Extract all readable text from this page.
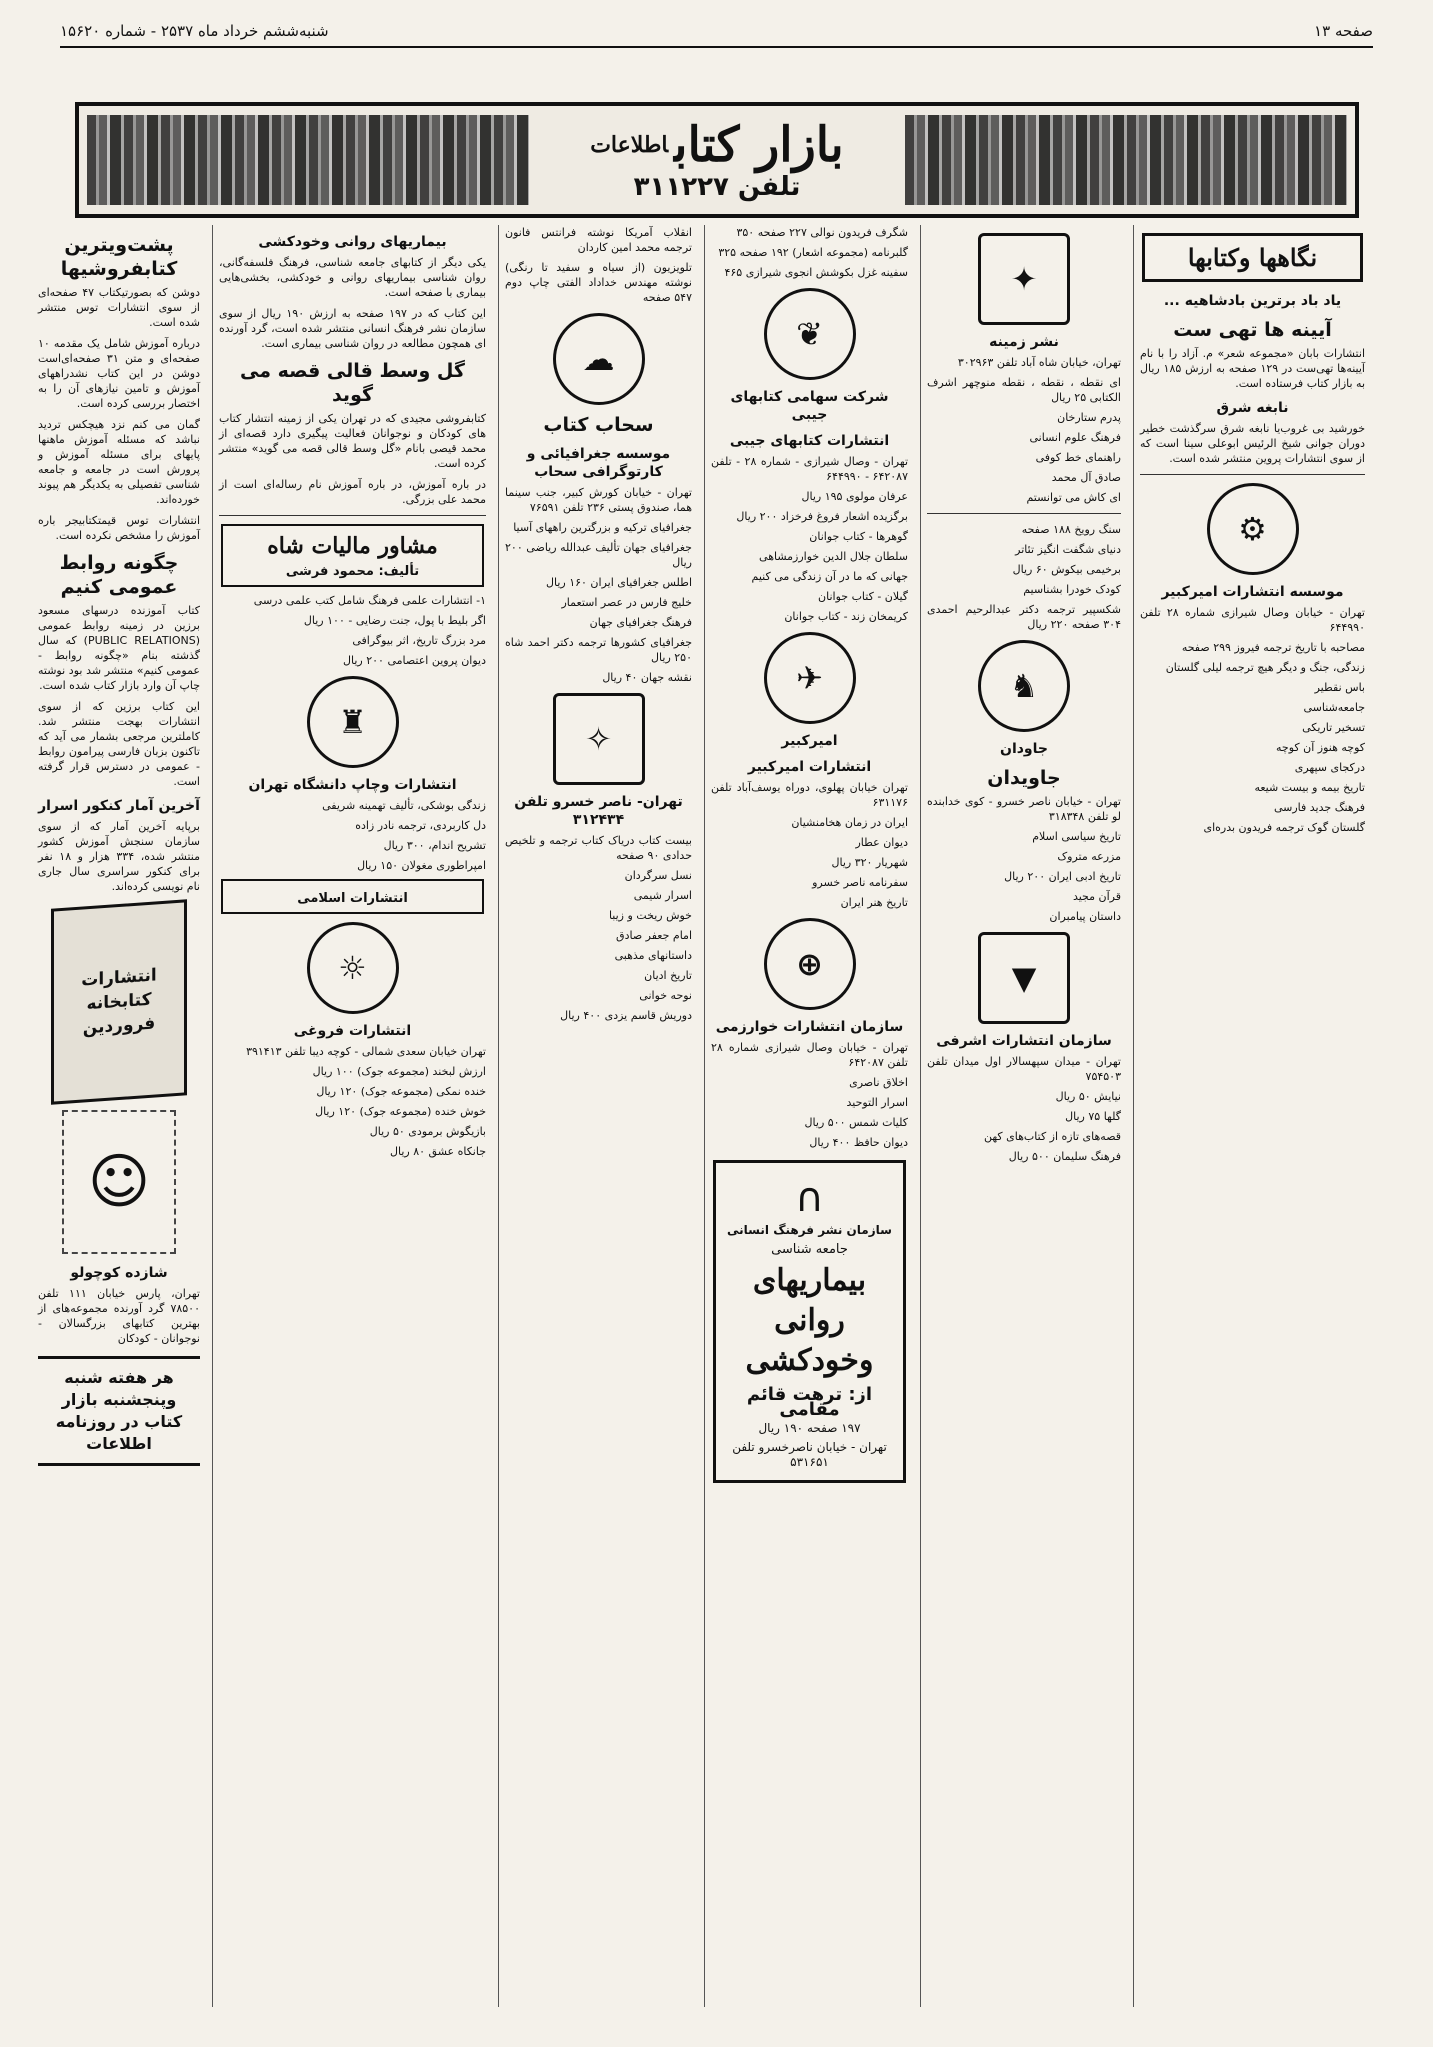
صفحه ۱۳
شنبه‌ششم خرداد ماه ۲۵۳۷ - شماره ۱۵۶۲۰
بازار کتاب$^{اطلاعات}$
تلفن ۳۱۱۲۲۷
نگاهها وکتابها
یاد باد برترین بادشاهیه ...
آیینه ها تهی ست

انتشارات بابان «مجموعه شعر» م. آزاد را با نام آیینه‌ها تهی‌ست در ۱۲۹ صفحه به ارزش ۱۸۵ ریال به بازار کتاب فرستاده است.

نابغه شرق

خورشید بی غروب‌یا نابغه شرق سرگذشت خطیر دوران جوانی شیخ الرئیس ابوعلی سینا است که از سوی انتشارات پروین منتشر شده است.

⚙
موسسه انتشارات امیرکبیر
تهران - خیابان وصال شیرازی شماره ۲۸ تلفن ۶۴۴۹۹۰
مصاحبه با تاریخ ترجمه فیروز ۲۹۹ صفحه
زندگی، جنگ و دیگر هیچ ترجمه لیلی گلستان
باس نقطیر
جامعه‌شناسی
تسخیر تاریکی
کوچه هنوز آن کوچه
درکجای سپهری
تاریخ بیمه و بیست شیعه
فرهنگ جدید فارسی
گلستان گوک ترجمه فریدون بدره‌ای
✦
نشر زمینه
تهران، خیابان شاه آباد تلفن ۳۰۲۹۶۳
ای نقطه ، نقطه ، نقطه منوچهر اشرف الکتابی ۲۵ ریال
پدرم ستارخان
فرهنگ علوم انسانی
راهنمای خط کوفی
صادق آل محمد
ای کاش می توانستم
سنگ رویخ ۱۸۸ صفحه
دنیای شگفت انگیز تئاتر
برخیمی بیکوش ۶۰ ریال
کودک خودرا بشناسیم
شکسپیر ترجمه دکتر عبدالرحیم احمدی ۳۰۴ صفحه ۲۲۰ ریال
♞
جاودان
جاویدان
تهران - خیابان ناصر خسرو - کوی خدابنده لو تلفن ۳۱۸۳۴۸
تاریخ سیاسی اسلام
مزرعه متروک
تاریخ ادبی ایران ۲۰۰ ریال
قرآن مجید
داستان پیامبران
▼
سازمان انتشارات اشرفی
تهران - میدان سپهسالار اول میدان تلفن ۷۵۴۵۰۳
نیایش ۵۰ ریال
گلها ۷۵ ریال
قصه‌های تازه از کتاب‌های کهن
فرهنگ سلیمان ۵۰۰ ریال
شگرف فریدون نوالی ۲۲۷ صفحه ۳۵۰
گلبرنامه (مجموعه اشعار) ۱۹۲ صفحه ۳۲۵
سفینه غزل بکوشش انجوی شیرازی ۴۶۵
❦
شرکت سهامی کتابهای جیبی
انتشارات کتابهای جیبی
تهران - وصال شیرازی - شماره ۲۸ - تلفن ۶۴۲۰۸۷ - ۶۴۴۹۹۰
عرفان مولوی ۱۹۵ ریال
برگزیده اشعار فروغ فرخزاد ۲۰۰ ریال
گوهرها - کتاب جوانان
سلطان جلال الدین خوارزمشاهی
جهانی که ما در آن زندگی می کنیم
گیلان - کتاب جوانان
کریمخان زند - کتاب جوانان
✈
امیرکبیر
انتشارات امیرکبیر
تهران خیابان پهلوی، دوراه یوسف‌آباد تلفن ۶۳۱۱۷۶
ایران در زمان هخامنشیان
دیوان عطار
شهریار ۳۲۰ ریال
سفرنامه ناصر خسرو
تاریخ هنر ایران
⊕
سازمان انتشارات خوارزمی
تهران - خیابان وصال شیرازی شماره ۲۸ تلفن ۶۴۲۰۸۷
اخلاق ناصری
اسرار التوحید
کلیات شمس ۵۰۰ ریال
دیوان حافظ ۴۰۰ ریال
∩
سازمان نشر فرهنگ انسانی
جامعه شناسی
بیماریهای روانی وخودکشی
از: ترهت قائم مقامی
۱۹۷ صفحه ۱۹۰ ریال
تهران - خیابان ناصرخسرو تلفن ۵۳۱۶۵۱
انقلاب آمریکا نوشته فرانتس فانون ترجمه محمد امین کاردان
تلویزیون (از سیاه و سفید تا رنگی) نوشته مهندس خداداد الفتی چاپ دوم ۵۴۷ صفحه
☁
سحاب کتاب
موسسه جغرافیائی و کارتوگرافی سحاب
تهران - خیابان کورش کبیر، جنب سینما هما، صندوق پستی ۲۳۶ تلفن ۷۶۵۹۱
جغرافیای ترکیه و بزرگترین راههای آسیا
جغرافیای جهان تألیف عبدالله ریاضی ۲۰۰ ریال
اطلس جغرافیای ایران ۱۶۰ ریال
خلیج فارس در عصر استعمار
فرهنگ جغرافیای جهان
جغرافیای کشورها ترجمه دکتر احمد شاه ۲۵۰ ریال
نقشه جهان ۴۰ ریال
✧
تهران- ناصر خسرو تلفن ۳۱۲۴۳۴
بیست کتاب دریاک کتاب ترجمه و تلخیص حدادی ۹۰ صفحه
نسل سرگردان
اسرار شیمی
خوش ریخت و زیبا
امام جعفر صادق
داستانهای مذهبی
تاریخ ادیان
نوحه خوانی
دوریش قاسم یزدی ۴۰۰ ریال
بیماریهای روانی وخودکشی

یکی دیگر از کتابهای جامعه شناسی، فرهنگ فلسفه‌گانی، روان شناسی بیماریهای روانی و خودکشی، بخشی‌هایی بیماری با صفحه است.

این کتاب که در ۱۹۷ صفحه به ارزش ۱۹۰ ریال از سوی سازمان نشر فرهنگ انسانی منتشر شده است، گرد آورنده ای همچون مطالعه در روان شناسی بیماری است.

گل وسط قالی قصه می گوید

کتابفروشی مجیدی که در تهران یکی از زمینه انتشار کتاب های کودکان و نوجوانان فعالیت پیگیری دارد قصه‌ای از محمد قیصی بانام «گل وسط قالی قصه می گوید» منتشر کرده است.

در باره آموزش، در باره آموزش نام رساله‌ای است از محمد علی بزرگی.

مشاور مالیات شاه
تألیف: محمود فرشی
۱- انتشارات علمی فرهنگ شامل کتب علمی درسی
اگر بلیط با پول، جنت رضایی - ۱۰۰ ریال
مرد بزرگ تاریخ، اثر بیوگرافی
دیوان پروین اعتصامی ۲۰۰ ریال
♜
انتشارات وچاپ دانشگاه تهران
زندگی بوشکی، تألیف تهمینه شریفی
دل کاربردی، ترجمه نادر زاده
تشریح اندام، ۳۰۰ ریال
امپراطوری مغولان ۱۵۰ ریال
انتشارات اسلامی
☼
انتشارات فروغی
تهران خیابان سعدی شمالی - کوچه دیبا تلفن ۳۹۱۴۱۳
ارزش لبخند (مجموعه جوک) ۱۰۰ ریال
خنده نمکی (مجموعه جوک) ۱۲۰ ریال
خوش خنده (مجموعه جوک) ۱۲۰ ریال
بازیگوش برمودی ۵۰ ریال
جانکاه عشق ۸۰ ریال
پشت‌ویترین کتابفروشیها

دوشن که بصورتیکتاب ۴۷ صفحه‌ای از سوی انتشارات توس منتشر شده است.

درباره آموزش شامل یک مقدمه ۱۰ صفحه‌ای و متن ۳۱ صفحه‌ای‌است‌ دوشن‌ در این کتاب نشدراههای آموزش و تامین نیازهای آن را به اختصار بررسی کرده است.

گمان می کنم نزد هیچکس تردید نباشد که مسئله آموزش ماهنها پایهای برای مسئله آموزش و پرورش است در جامعه و جامعه شناسی تفصیلی به یکدیگر هم پیوند خورده‌اند.

انتشارات توس قیمتکتابیجر باره آموزش را مشخص نکرده است.

چگونه روابط عمومی کنیم

کتاب آموزنده درسهای مسعود برزین در زمینه روابط عمومی (PUBLIC RELATIONS) که سال گذشته بنام «چگونه روابط - عمومی کنیم» منتشر شد بود نوشته چاپ آن وارد بازار کتاب شده است.

این کتاب برزین که از سوی انتشارات بهجت منتشر شد. کاملترین مرجعی بشمار می آید که تاکنون بزبان فارسی پیرامون روابط - عمومی در دسترس قرار گرفته است.

آخرین آمار کنکور اسرار

برپایه آخرین آمار که از سوی سازمان سنجش آموزش کشور منتشر شده، ۳۳۴ هزار و ۱۸ نفر برای کنکور سراسری سال جاری نام نویسی کرده‌اند.

انتشارات کتابخانه فروردین
☺
شازده کوچولو

تهران، پارس خیابان ۱۱۱ تلفن ۷۸۵۰۰ گرد آورنده مجموعه‌های از بهترین کتابهای بزرگسالان - نوجوانان - کودکان

هر هفته شنبه وپنجشنبه بازار کتاب در روزنامه اطلاعات
